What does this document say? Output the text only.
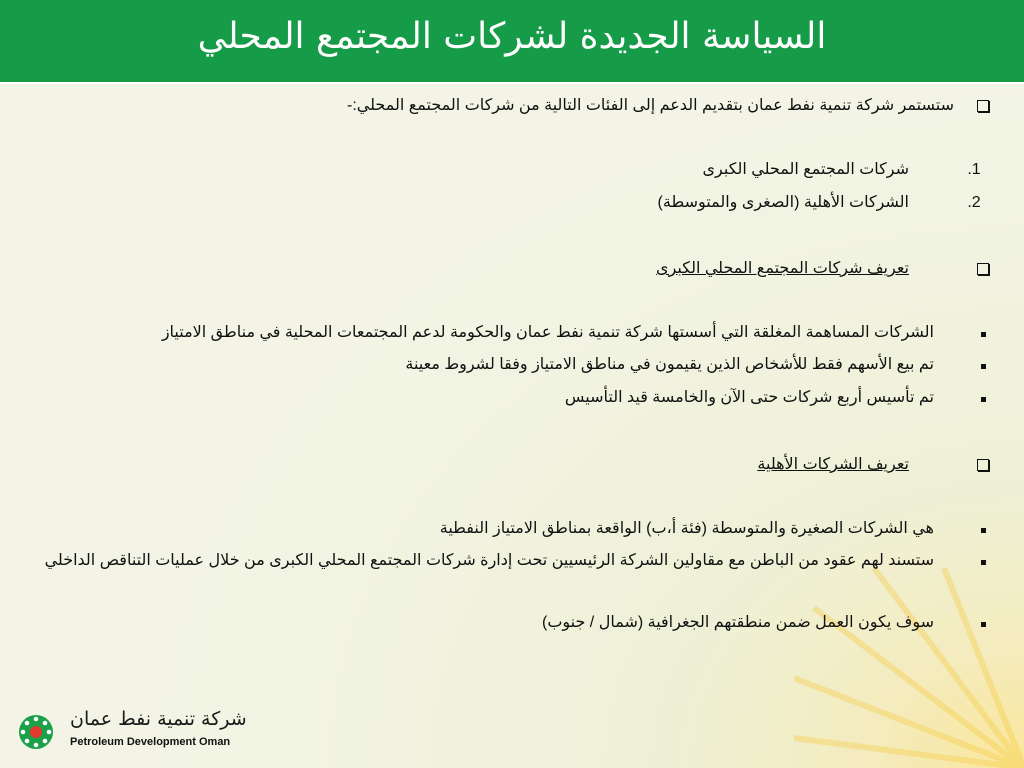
السياسة الجديدة لشركات المجتمع المحلي
ستستمر شركة تنمية نفط عمان بتقديم الدعم إلى الفئات التالية من شركات المجتمع المحلي:-
1.
شركات المجتمع المحلي الكبرى
2.
الشركات الأهلية (الصغرى والمتوسطة)
تعريف شركات المجتمع المحلي الكبرى
الشركات المساهمة المغلقة التي أسستها شركة تنمية نفط عمان والحكومة لدعم المجتمعات المحلية في مناطق الامتياز
تم بيع الأسهم فقط للأشخاص الذين يقيمون في مناطق الامتياز وفقا لشروط معينة
تم تأسيس أربع شركات حتى الآن والخامسة قيد التأسيس
تعريف الشركات الأهلية
هي الشركات الصغيرة والمتوسطة (فئة أ،ب) الواقعة بمناطق الامتياز النفطية
ستسند لهم عقود من الباطن مع مقاولين الشركة الرئيسيين تحت إدارة شركات المجتمع المحلي الكبرى من خلال عمليات التناقص الداخلي
سوف يكون العمل ضمن منطقتهم الجغرافية (شمال / جنوب)
شركة تنمية نفط عمان
Petroleum Development Oman
